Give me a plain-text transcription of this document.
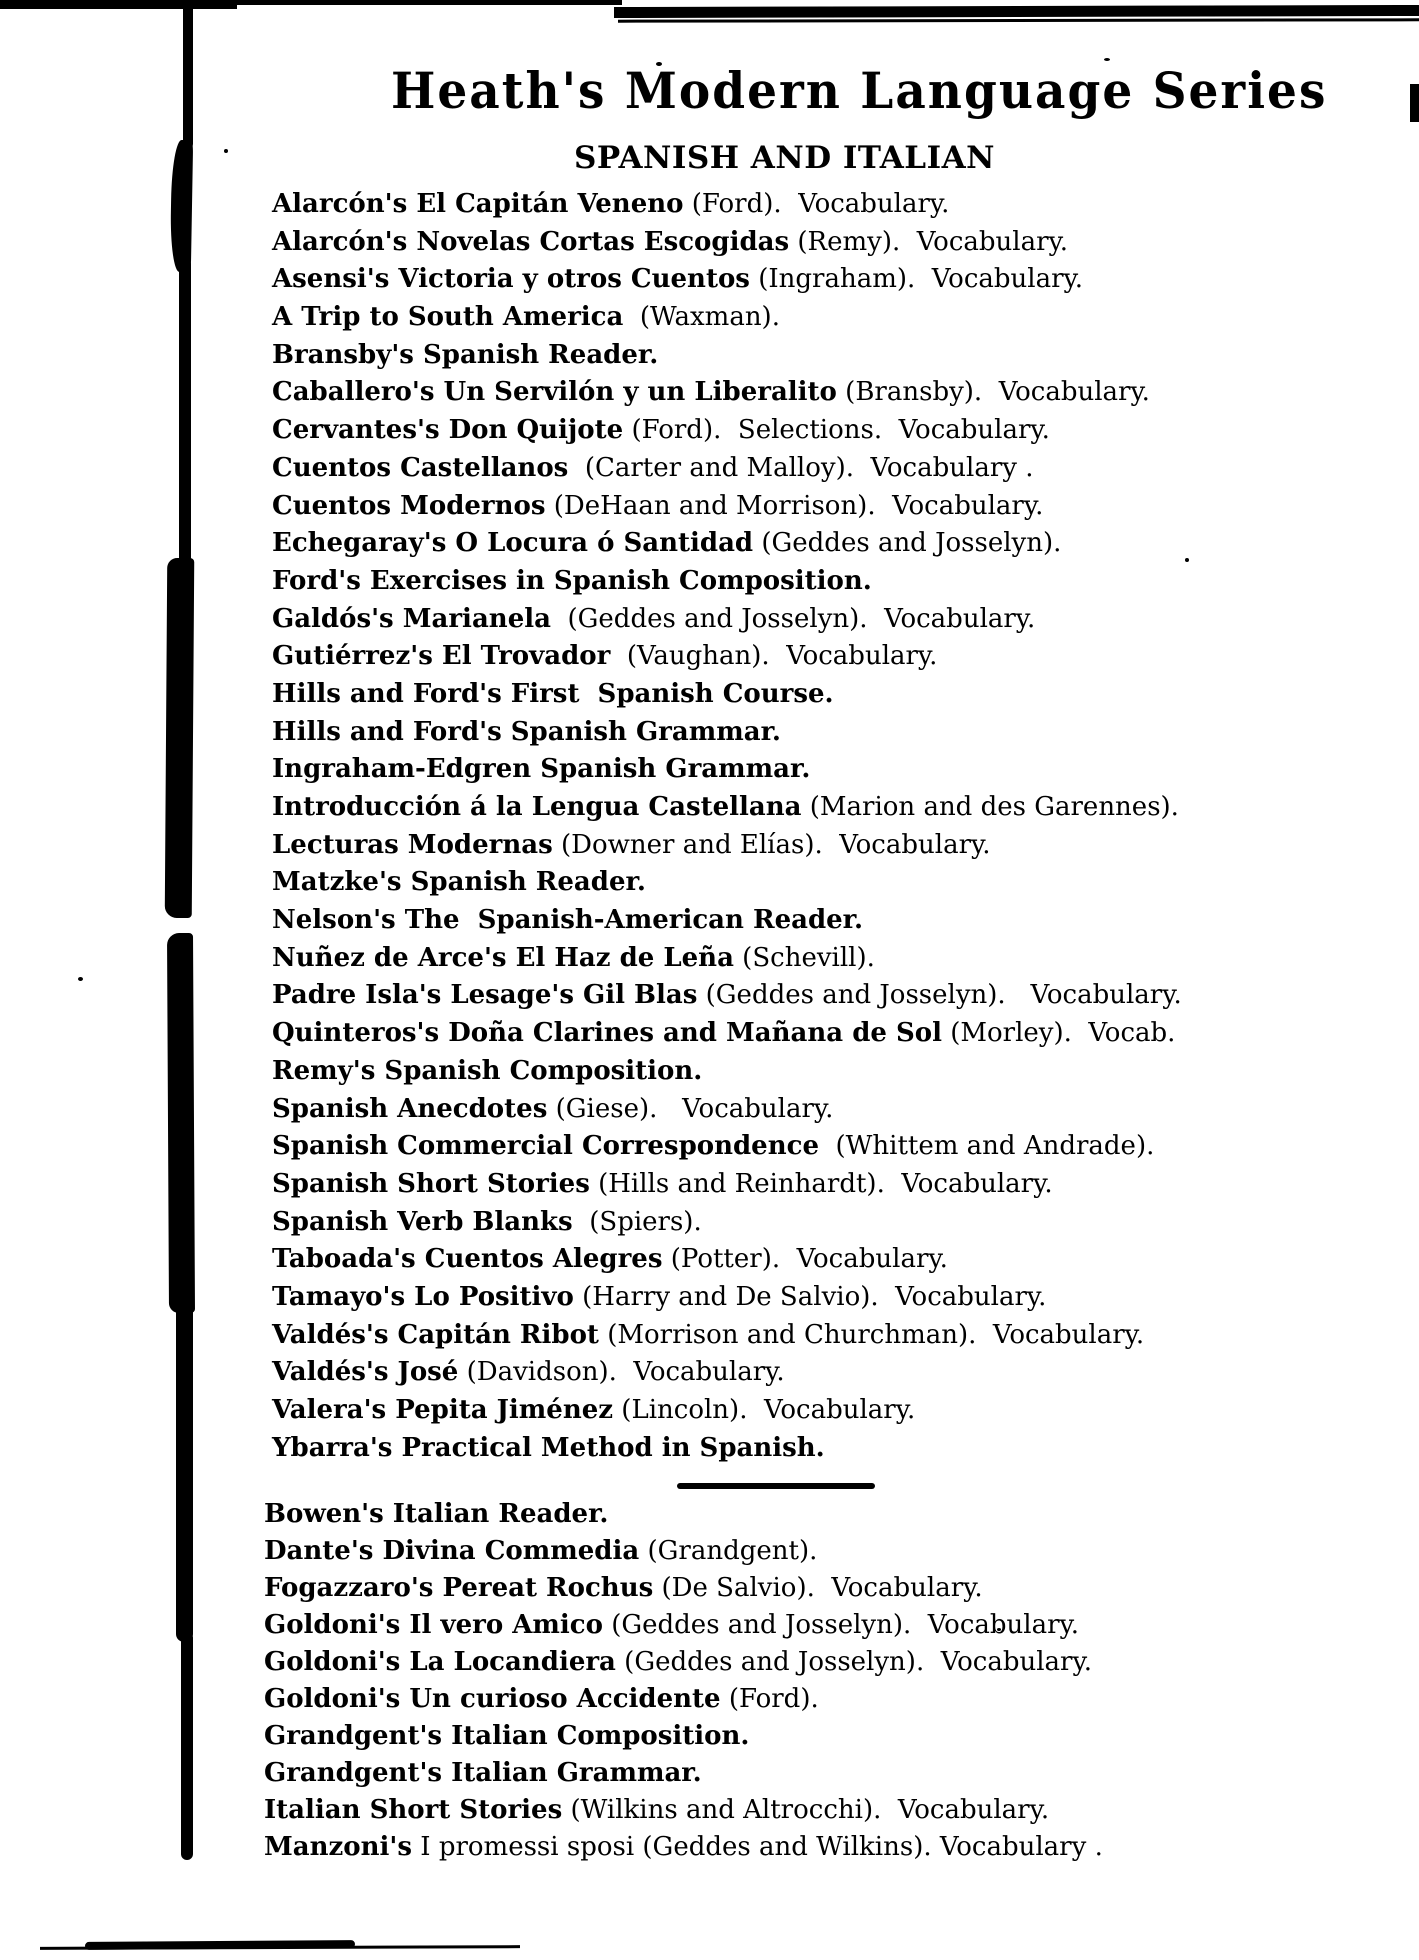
Heath's Modern Language Series
SPANISH AND ITALIAN
Alarcón's El Capitán Veneno (Ford).  Vocabulary.
Alarcón's Novelas Cortas Escogidas (Remy).  Vocabulary.
Asensi's Victoria y otros Cuentos (Ingraham).  Vocabulary.
A Trip to South America  (Waxman).
Bransby's Spanish Reader.
Caballero's Un Servilón y un Liberalito (Bransby).  Vocabulary.
Cervantes's Don Quijote (Ford).  Selections.  Vocabulary.
Cuentos Castellanos  (Carter and Malloy).  Vocabulary .
Cuentos Modernos (DeHaan and Morrison).  Vocabulary.
Echegaray's O Locura ó Santidad (Geddes and Josselyn).
Ford's Exercises in Spanish Composition.
Galdós's Marianela  (Geddes and Josselyn).  Vocabulary.
Gutiérrez's El Trovador  (Vaughan).  Vocabulary.
Hills and Ford's First  Spanish Course.
Hills and Ford's Spanish Grammar.
Ingraham-Edgren Spanish Grammar.
Introducción á la Lengua Castellana (Marion and des Garennes).
Lecturas Modernas (Downer and Elías).  Vocabulary.
Matzke's Spanish Reader.
Nelson's The  Spanish-American Reader.
Nuñez de Arce's El Haz de Leña (Schevill).
Padre Isla's Lesage's Gil Blas (Geddes and Josselyn).   Vocabulary.
Quinteros's Doña Clarines and Mañana de Sol (Morley).  Vocab.
Remy's Spanish Composition.
Spanish Anecdotes (Giese).   Vocabulary.
Spanish Commercial Correspondence  (Whittem and Andrade).
Spanish Short Stories (Hills and Reinhardt).  Vocabulary.
Spanish Verb Blanks  (Spiers).
Taboada's Cuentos Alegres (Potter).  Vocabulary.
Tamayo's Lo Positivo (Harry and De Salvio).  Vocabulary.
Valdés's Capitán Ribot (Morrison and Churchman).  Vocabulary.
Valdés's José (Davidson).  Vocabulary.
Valera's Pepita Jiménez (Lincoln).  Vocabulary.
Ybarra's Practical Method in Spanish.
Bowen's Italian Reader.
Dante's Divina Commedia (Grandgent).
Fogazzaro's Pereat Rochus (De Salvio).  Vocabulary.
Goldoni's Il vero Amico (Geddes and Josselyn).  Vocabulary.
Goldoni's La Locandiera (Geddes and Josselyn).  Vocabulary.
Goldoni's Un curioso Accidente (Ford).
Grandgent's Italian Composition.
Grandgent's Italian Grammar.
Italian Short Stories (Wilkins and Altrocchi).  Vocabulary.
Manzoni's I promessi sposi (Geddes and Wilkins). Vocabulary .
